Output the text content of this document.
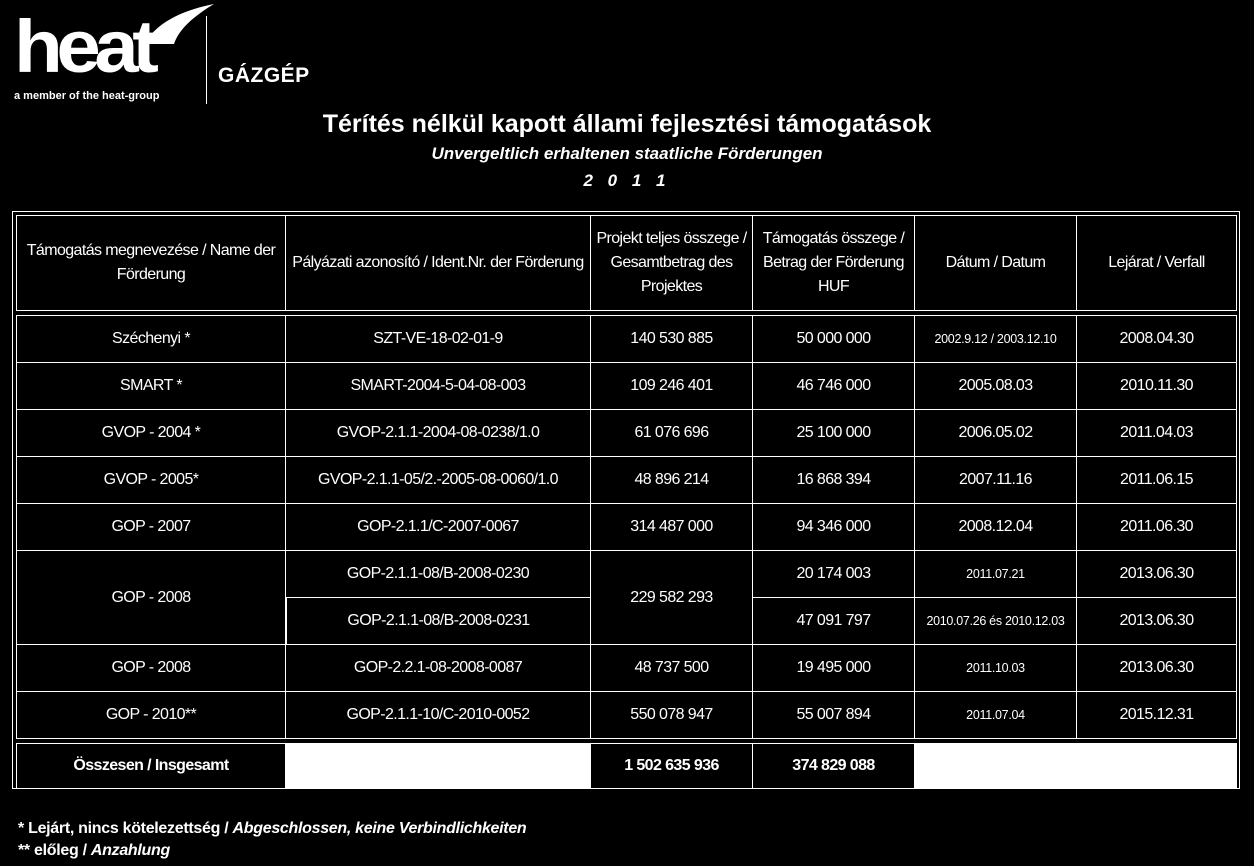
heat
a member of the heat-group
GÁZGÉP
Térítés nélkül kapott állami fejlesztési támogatások
Unvergeltlich erhaltenen staatliche Förderungen
2 0 1 1
Támogatás megnevezése / Name der Förderung	Pályázati azonosító / Ident.Nr. der Förderung	Projekt teljes összege / Gesamtbetrag des Projektes	Támogatás összege / Betrag der Förderung HUF	Dátum / Datum	Lejárat / Verfall

Széchenyi *	SZT-VE-18-02-01-9	140 530 885	50 000 000	2002.9.12 / 2003.12.10	2008.04.30
SMART *	SMART-2004-5-04-08-003	109 246 401	46 746 000	2005.08.03	2010.11.30
GVOP - 2004 *	GVOP-2.1.1-2004-08-0238/1.0	61 076 696	25 100 000	2006.05.02	2011.04.03
GVOP - 2005*	GVOP-2.1.1-05/2.-2005-08-0060/1.0	48 896 214	16 868 394	2007.11.16	2011.06.15
GOP - 2007	GOP-2.1.1/C-2007-0067	314 487 000	94 346 000	2008.12.04	2011.06.30
GOP - 2008	GOP-2.1.1-08/B-2008-0230	229 582 293	20 174 003	2011.07.21	2013.06.30
	GOP-2.1.1-08/B-2008-0231		47 091 797	2010.07.26 és 2010.12.03	2013.06.30
GOP - 2008	GOP-2.2.1-08-2008-0087	48 737 500	19 495 000	2011.10.03	2013.06.30
GOP - 2010**	GOP-2.1.1-10/C-2010-0052	550 078 947	55 007 894	2011.07.04	2015.12.31

Összesen / Insgesamt		1 502 635 936	374 829 088		
* Lejárt, nincs kötelezettség / Abgeschlossen, keine Verbindlichkeiten
** előleg / Anzahlung
